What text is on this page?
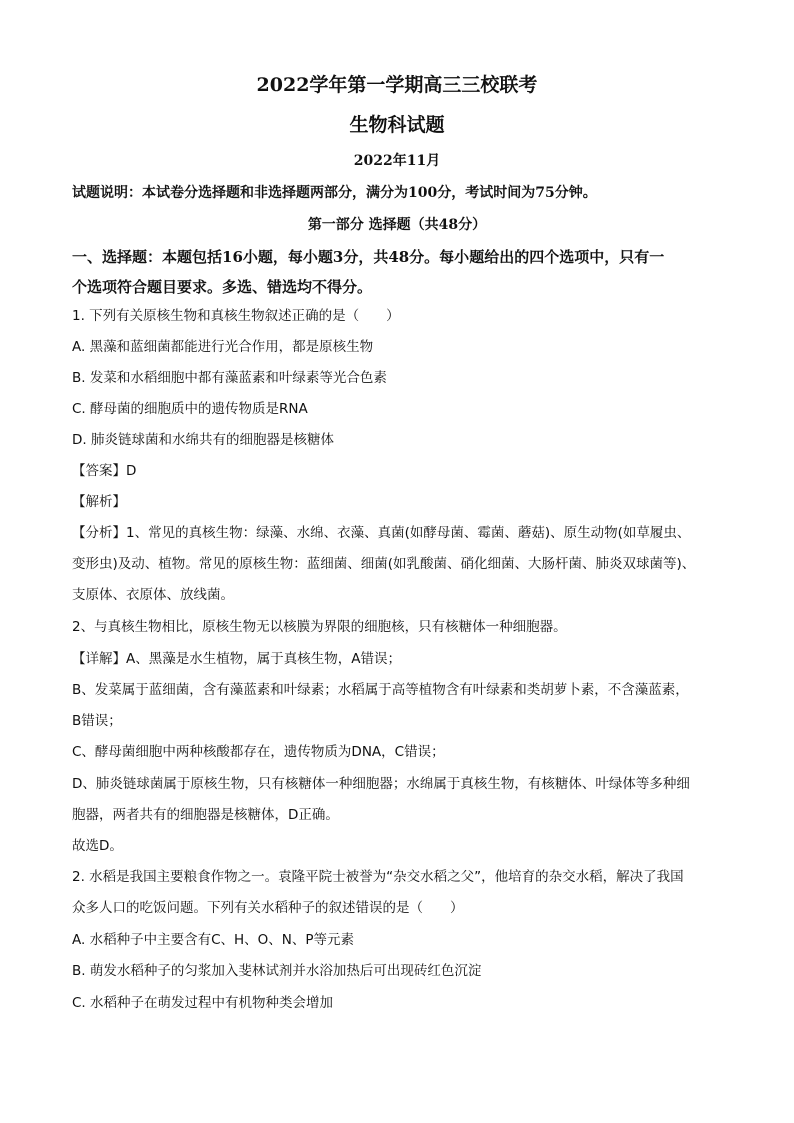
2022学年第一学期高三三校联考
生物科试题
2022年11月
试题说明：本试卷分选择题和非选择题两部分，满分为100分，考试时间为75分钟。
第一部分 选择题（共48分）
一、选择题：本题包括16小题，每小题3分，共48分。每小题给出的四个选项中，只有一
个选项符合题目要求。多选、错选均不得分。
1. 下列有关原核生物和真核生物叙述正确的是（　　）
A. 黑藻和蓝细菌都能进行光合作用，都是原核生物
B. 发菜和水稻细胞中都有藻蓝素和叶绿素等光合色素
C. 酵母菌的细胞质中的遗传物质是RNA
D. 肺炎链球菌和水绵共有的细胞器是核糖体
【答案】D
【解析】
【分析】1、常见的真核生物：绿藻、水绵、衣藻、真菌(如酵母菌、霉菌、蘑菇)、原生动物(如草履虫、
变形虫)及动、植物。常见的原核生物：蓝细菌、细菌(如乳酸菌、硝化细菌、大肠杆菌、肺炎双球菌等)、
支原体、衣原体、放线菌。
2、与真核生物相比，原核生物无以核膜为界限的细胞核，只有核糖体一种细胞器。
【详解】A、黑藻是水生植物，属于真核生物，A错误；
B、发菜属于蓝细菌，含有藻蓝素和叶绿素；水稻属于高等植物含有叶绿素和类胡萝卜素，不含藻蓝素，
B错误；
C、酵母菌细胞中两种核酸都存在，遗传物质为DNA，C错误；
D、肺炎链球菌属于原核生物，只有核糖体一种细胞器；水绵属于真核生物，有核糖体、叶绿体等多种细
胞器，两者共有的细胞器是核糖体，D正确。
故选D。
2. 水稻是我国主要粮食作物之一。袁隆平院士被誉为“杂交水稻之父”，他培育的杂交水稻，解决了我国
众多人口的吃饭问题。下列有关水稻种子的叙述错误的是（　　）
A. 水稻种子中主要含有C、H、O、N、P等元素
B. 萌发水稻种子的匀浆加入斐林试剂并水浴加热后可出现砖红色沉淀
C. 水稻种子在萌发过程中有机物种类会增加
